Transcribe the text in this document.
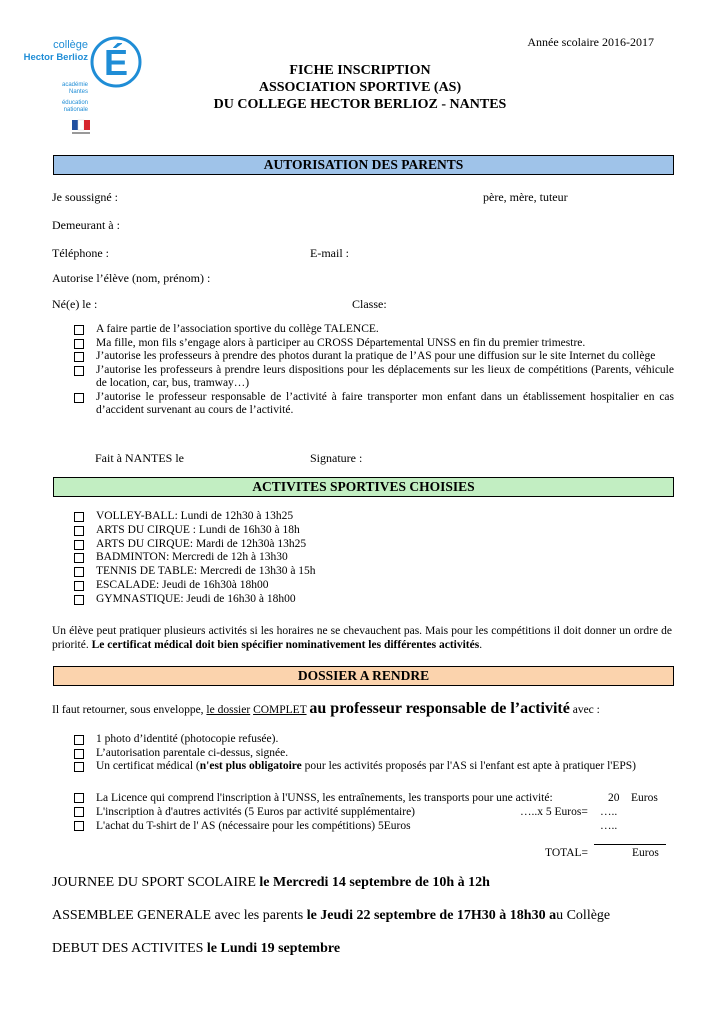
Année scolaire 2016-2017
É
collège
Hector Berlioz
académie
Nantes
éducation
nationale
FICHE INSCRIPTION
ASSOCIATION SPORTIVE (AS)
DU COLLEGE HECTOR BERLIOZ - NANTES
AUTORISATION DES PARENTS
Je soussigné :	père, mère, tuteur
Demeurant à :
Téléphone :	E-mail :
Autorise l’élève (nom, prénom) :
Né(e) le :	Classe:
A faire partie de l’association sportive du collège TALENCE.
Ma fille, mon fils s’engage alors à participer au CROSS Départemental UNSS en fin du premier trimestre.
J’autorise les professeurs à prendre des photos durant la pratique de l’AS pour une diffusion sur le site Internet du collège
J’autorise les professeurs à prendre leurs dispositions pour les déplacements sur les lieux de compétitions (Parents, véhicule de location, car, bus, tramway…)
J’autorise le professeur responsable de l’activité à faire transporter mon enfant dans un établissement hospitalier en cas d’accident survenant au cours de l’activité.
Fait à NANTES le	Signature :
ACTIVITES SPORTIVES CHOISIES
VOLLEY-BALL: Lundi de 12h30 à 13h25
ARTS DU CIRQUE : Lundi de 16h30 à 18h
ARTS DU CIRQUE: Mardi de 12h30à 13h25
BADMINTON: Mercredi de 12h à 13h30
TENNIS DE TABLE: Mercredi de 13h30 à 15h
ESCALADE: Jeudi de 16h30à 18h00
GYMNASTIQUE: Jeudi de 16h30 à 18h00
Un élève peut pratiquer plusieurs activités si les horaires ne se chevauchent pas. Mais pour les compétitions il doit donner un ordre de priorité. Le certificat médical doit bien spécifier nominativement les différentes activités.
DOSSIER A RENDRE
Il faut retourner, sous enveloppe, le dossier COMPLET au professeur responsable de l’activité avec :
1 photo d’identité (photocopie refusée).
L’autorisation parentale ci-dessus, signée.
Un certificat médical (n'est plus obligatoire pour les activités proposés par l'AS si l'enfant est apte à pratiquer l'EPS)
La Licence qui comprend l'inscription à l'UNSS, les entraînements, les transports pour une activité:	20    Euros
L'inscription à d'autres activités (5 Euros par activité supplémentaire)	…..x 5 Euros= …..
L'achat du T-shirt de l' AS (nécessaire pour les compétitions) 5Euros	…..
TOTAL=	Euros
JOURNEE DU SPORT SCOLAIRE le Mercredi 14 septembre de 10h à 12h
ASSEMBLEE GENERALE avec les parents le Jeudi 22 septembre de 17H30 à 18h30 au Collège
DEBUT DES ACTIVITES le Lundi 19 septembre
